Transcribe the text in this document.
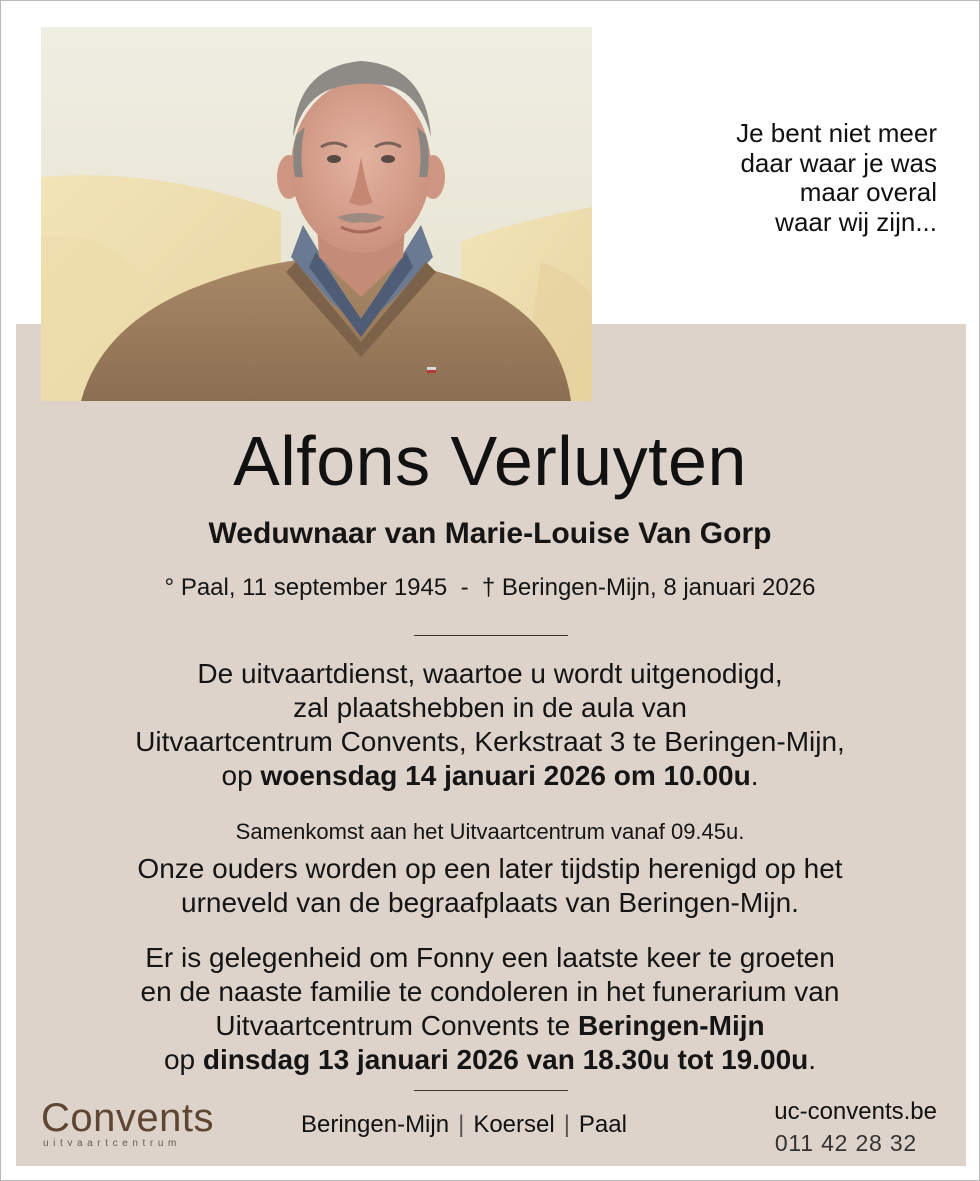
Je bent niet meer
daar waar je was
maar overal
waar wij zijn...
Alfons Verluyten
Weduwnaar van Marie-Louise Van Gorp
° Paal, 11 september 1945 - † Beringen-Mijn, 8 januari 2026
De uitvaartdienst, waartoe u wordt uitgenodigd,
zal plaatshebben in de aula van
Uitvaartcentrum Convents, Kerkstraat 3 te Beringen-Mijn,
op woensdag 14 januari 2026 om 10.00u.
Samenkomst aan het Uitvaartcentrum vanaf 09.45u.
Onze ouders worden op een later tijdstip herenigd op het
urneveld van de begraafplaats van Beringen-Mijn.
Er is gelegenheid om Fonny een laatste keer te groeten
en de naaste familie te condoleren in het funerarium van
Uitvaartcentrum Convents te Beringen-Mijn
op dinsdag 13 januari 2026 van 18.30u tot 19.00u.
Convents
uitvaartcentrum
Beringen-Mijn | Koersel | Paal	uc-convents.be
011 42 28 32
